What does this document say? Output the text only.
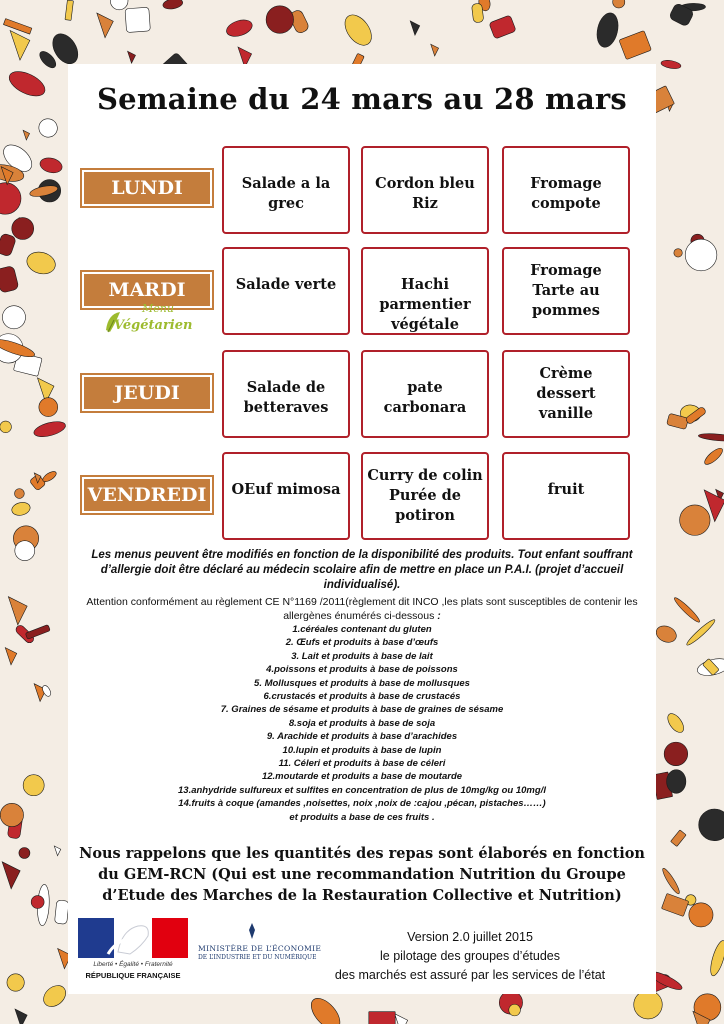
Semaine du 24 mars au 28 mars
LUNDI
MARDI
JEUDI
VENDREDI
Menu
Végétarien
Salade a la
grec
Cordon bleu
Riz
Fromage
compote
Salade verte	Hachi parmentier
végétale
Fromage
Tarte au
pommes
Salade de
betteraves
pate
carbonara
Crème
dessert
vanille
OEuf mimosa
Curry de colin
Purée de
potiron
fruit

Les menus peuvent être modifiés en fonction de la disponibilité des produits. Tout enfant souffrant d’allergie doit être déclaré au médecin scolaire afin de mettre en place un P.A.I. (projet d’accueil individualisé).

Attention conformément au règlement CE N°1169 /2011(règlement dit INCO ,les plats sont susceptibles de contenir les allergènes énumérés ci-dessous :

1.céréales contenant du gluten
2. Œufs et produits à base d’œufs
3. Lait et produits à base de lait
4.poissons et produits à base de poissons
5. Mollusques et produits à base de mollusques
6.crustacés et produits à base de crustacés
7. Graines de sésame et produits à base de graines de sésame
8.soja et produits à base de soja
9. Arachide et produits à base d’arachides
10.lupin et produits à base de lupin
11. Céleri et produits à base de céleri
12.moutarde et produits a base de moutarde
13.anhydride sulfureux et sulfites en concentration de plus de 10mg/kg ou 10mg/l
14.fruits à coque (amandes ,noisettes, noix ,noix de :cajou ,pécan, pistaches……)
et produits a base de ces fruits .
Nous rappelons que les quantités des repas sont élaborés en fonction du GEM-RCN (Qui est une recommandation Nutrition du Groupe d’Etude des Marches de la Restauration Collective et Nutrition)
Liberté • Égalité • Fraternité
RÉPUBLIQUE FRANÇAISE
MINISTÈRE DE L’ÉCONOMIE
DE L’INDUSTRIE ET DU NUMÉRIQUE
Version 2.0 juillet 2015
le pilotage des groupes d’études
des marchés est assuré par les services de l’état
